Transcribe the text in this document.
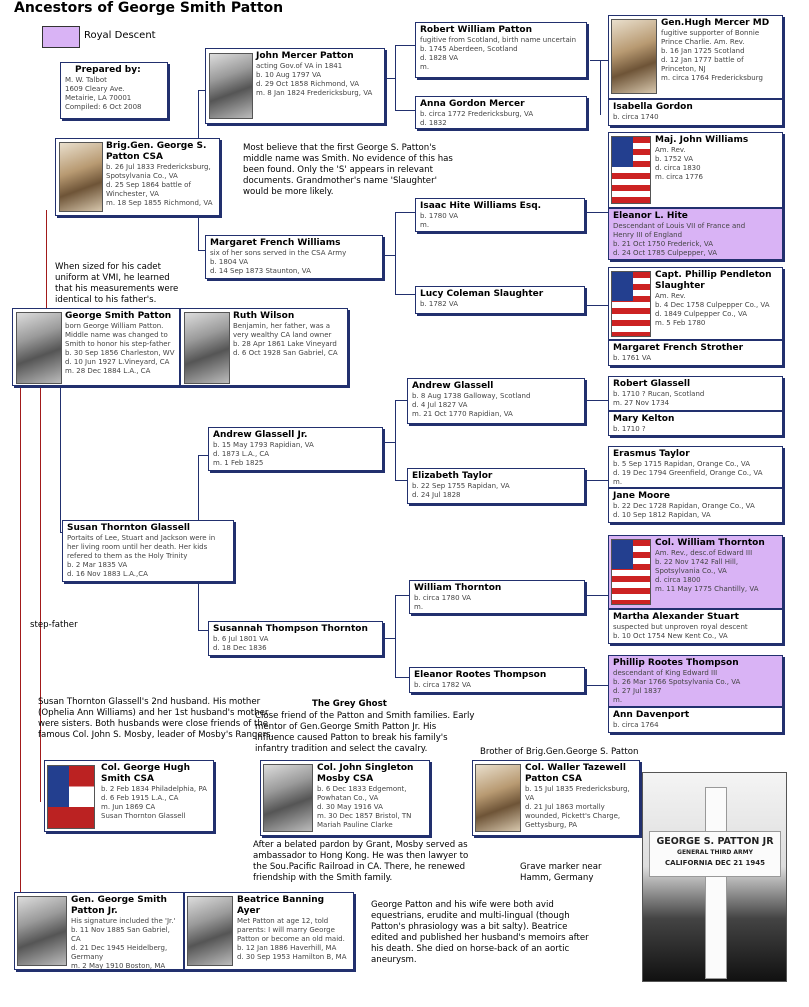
Ancestors of George Smith Patton
Royal Descent
Prepared by:
M. W. Talbot
1609 Cleary Ave.
Metairie, LA 70001
Compiled: 6 Oct 2008
John Mercer Patton
acting Gov.of VA in 1841
b. 10 Aug 1797 VA
d. 29 Oct 1858 Richmond, VA
m. 8 Jan 1824 Fredericksburg, VA
Robert William Patton
fugitive from Scotland, birth name uncertain
b. 1745 Aberdeen, Scotland
d. 1828 VA
m.
Gen.Hugh Mercer MD
fugitive supporter of Bonnie
Prince Charlie. Am. Rev.
b. 16 Jan 1725 Scotland
d. 12 Jan 1777 battle of
Princeton, NJ
m. circa 1764 Fredericksburg
Anna Gordon Mercer
b. circa 1772 Fredericksburg, VA
d. 1832
Isabella Gordon
b. circa 1740
Brig.Gen. George S. Patton CSA
b. 26 Jul 1833 Fredericksburg,
Spotsylvania Co., VA
d. 25 Sep 1864 battle of
Winchester, VA
m. 18 Sep 1855 Richmond, VA
Most believe that the first George S. Patton's middle name was Smith. No evidence of this has been found. Only the 'S' appears in relevant documents. Grandmother's name 'Slaughter' would be more likely.
Maj. John Williams
Am. Rev.
b. 1752 VA
d. circa 1830
m. circa 1776
Isaac Hite Williams Esq.
b. 1780 VA
m.
Eleanor L. Hite
Descendant of Louis VII of France and
Henry III of England
b. 21 Oct 1750 Frederick, VA
d. 24 Oct 1785 Culpepper, VA
Margaret French Williams
six of her sons served in the CSA Army
b. 1804 VA
d. 14 Sep 1873 Staunton, VA	Capt. Phillip Pendleton Slaughter
Am. Rev.
b. 4 Dec 1758 Culpepper Co., VA
d. 1849 Culpepper Co., VA
m. 5 Feb 1780
Lucy Coleman Slaughter
b. 1782 VA
Margaret French Strother
b. 1761 VA
When sized for his cadet uniform at VMI, he learned that his measurements were identical to his father's.
George Smith Patton
born George William Patton.
Middle name was changed to
Smith to honor his step-father
b. 30 Sep 1856 Charleston, WV
d. 10 Jun 1927 L.Vineyard, CA
m. 28 Dec 1884 L.A., CA
Ruth Wilson
Benjamin, her father, was a
very wealthy CA land owner
b. 28 Apr 1861 Lake Vineyard
d. 6 Oct 1928 San Gabriel, CA
Andrew Glassell
b. 8 Aug 1738 Galloway, Scotland
d. 4 Jul 1827 VA
m. 21 Oct 1770 Rapidian, VA
Robert Glassell
b. 1710 ? Rucan, Scotland
m. 27 Nov 1734
Mary Kelton
b. 1710 ?
Andrew Glassell Jr.
b. 15 May 1793 Rapidian, VA
d. 1873 L.A., CA
m. 1 Feb 1825
Erasmus Taylor
b. 5 Sep 1715 Rapidan, Orange Co., VA
d. 19 Dec 1794 Greenfield, Orange Co., VA
m.
Elizabeth Taylor
b. 22 Sep 1755 Rapidan, VA
d. 24 Jul 1828	Jane Moore
b. 22 Dec 1728 Rapidan, Orange Co., VA
d. 10 Sep 1812 Rapidan, VA
Susan Thornton Glassell
Portaits of Lee, Stuart and Jackson were in
her living room until her death. Her kids
refered to them as the Holy Trinity
b. 2 Mar 1835 VA
d. 16 Nov 1883 L.A.,CA
Col. William Thornton
Am. Rev., desc.of Edward III
b. 22 Nov 1742 Fall Hill,
Spotsylvania Co., VA
d. circa 1800
m. 11 May 1775 Chantilly, VA
William Thornton
b. circa 1780 VA
m.
Martha Alexander Stuart
suspected but unproven royal descent
b. 10 Oct 1754 New Kent Co., VA
step-father	Susannah Thompson Thornton
b. 6 Jul 1801 VA
d. 18 Dec 1836
Phillip Rootes Thompson
descendant of King Edward III
b. 26 Mar 1766 Spotsylvania Co., VA
d. 27 Jul 1837
m.
Eleanor Rootes Thompson
b. circa 1782 VA
Ann Davenport
b. circa 1764
Susan Thornton Glassell's 2nd husband. His mother (Ophelia Ann Williams) and her 1st husband's mother were sisters. Both husbands were close friends of the famous Col. John S. Mosby, leader of Mosby's Rangers.
The Grey Ghost
Close friend of the Patton and Smith families. Early mentor of Gen.George Smith Patton Jr. His influence caused Patton to break his family's infantry tradition and select the cavalry.	Brother of Brig.Gen.George S. Patton
Col. George Hugh Smith CSA
b. 2 Feb 1834 Philadelphia, PA
d. 6 Feb 1915 L.A., CA
m. Jun 1869 CA
Susan Thornton Glassell
Col. John Singleton Mosby CSA
b. 6 Dec 1833 Edgemont,
Powhatan Co., VA
d. 30 May 1916 VA
m. 30 Dec 1857 Bristol, TN
Mariah Pauline Clarke
Col. Waller Tazewell Patton CSA
b. 15 Jul 1835 Fredericksburg,
VA
d. 21 Jul 1863 mortally
wounded, Pickett's Charge,
Gettysburg, PA
GEORGE S. PATTON JR
GENERAL THIRD ARMY
CALIFORNIA DEC 21 1945
Grave marker near Hamm, Germany
After a belated pardon by Grant, Mosby served as ambassador to Hong Kong. He was then lawyer to the Sou.Pacific Railroad in CA. There, he renewed friendship with the Smith family.
Gen. George Smith Patton Jr.
His signature included the 'Jr.'
b. 11 Nov 1885 San Gabriel, CA
d. 21 Dec 1945 Heidelberg,
Germany
m. 2 May 1910 Boston, MA
Beatrice Banning Ayer
Met Patton at age 12, told
parents: I will marry George
Patton or become an old maid.
b. 12 Jan 1886 Haverhill, MA
d. 30 Sep 1953 Hamilton B, MA
George Patton and his wife were both avid equestrians, erudite and multi-lingual (though Patton's phrasiology was a bit salty). Beatrice edited and published her husband's memoirs after his death. She died on horse-back of an aortic aneurysm.
